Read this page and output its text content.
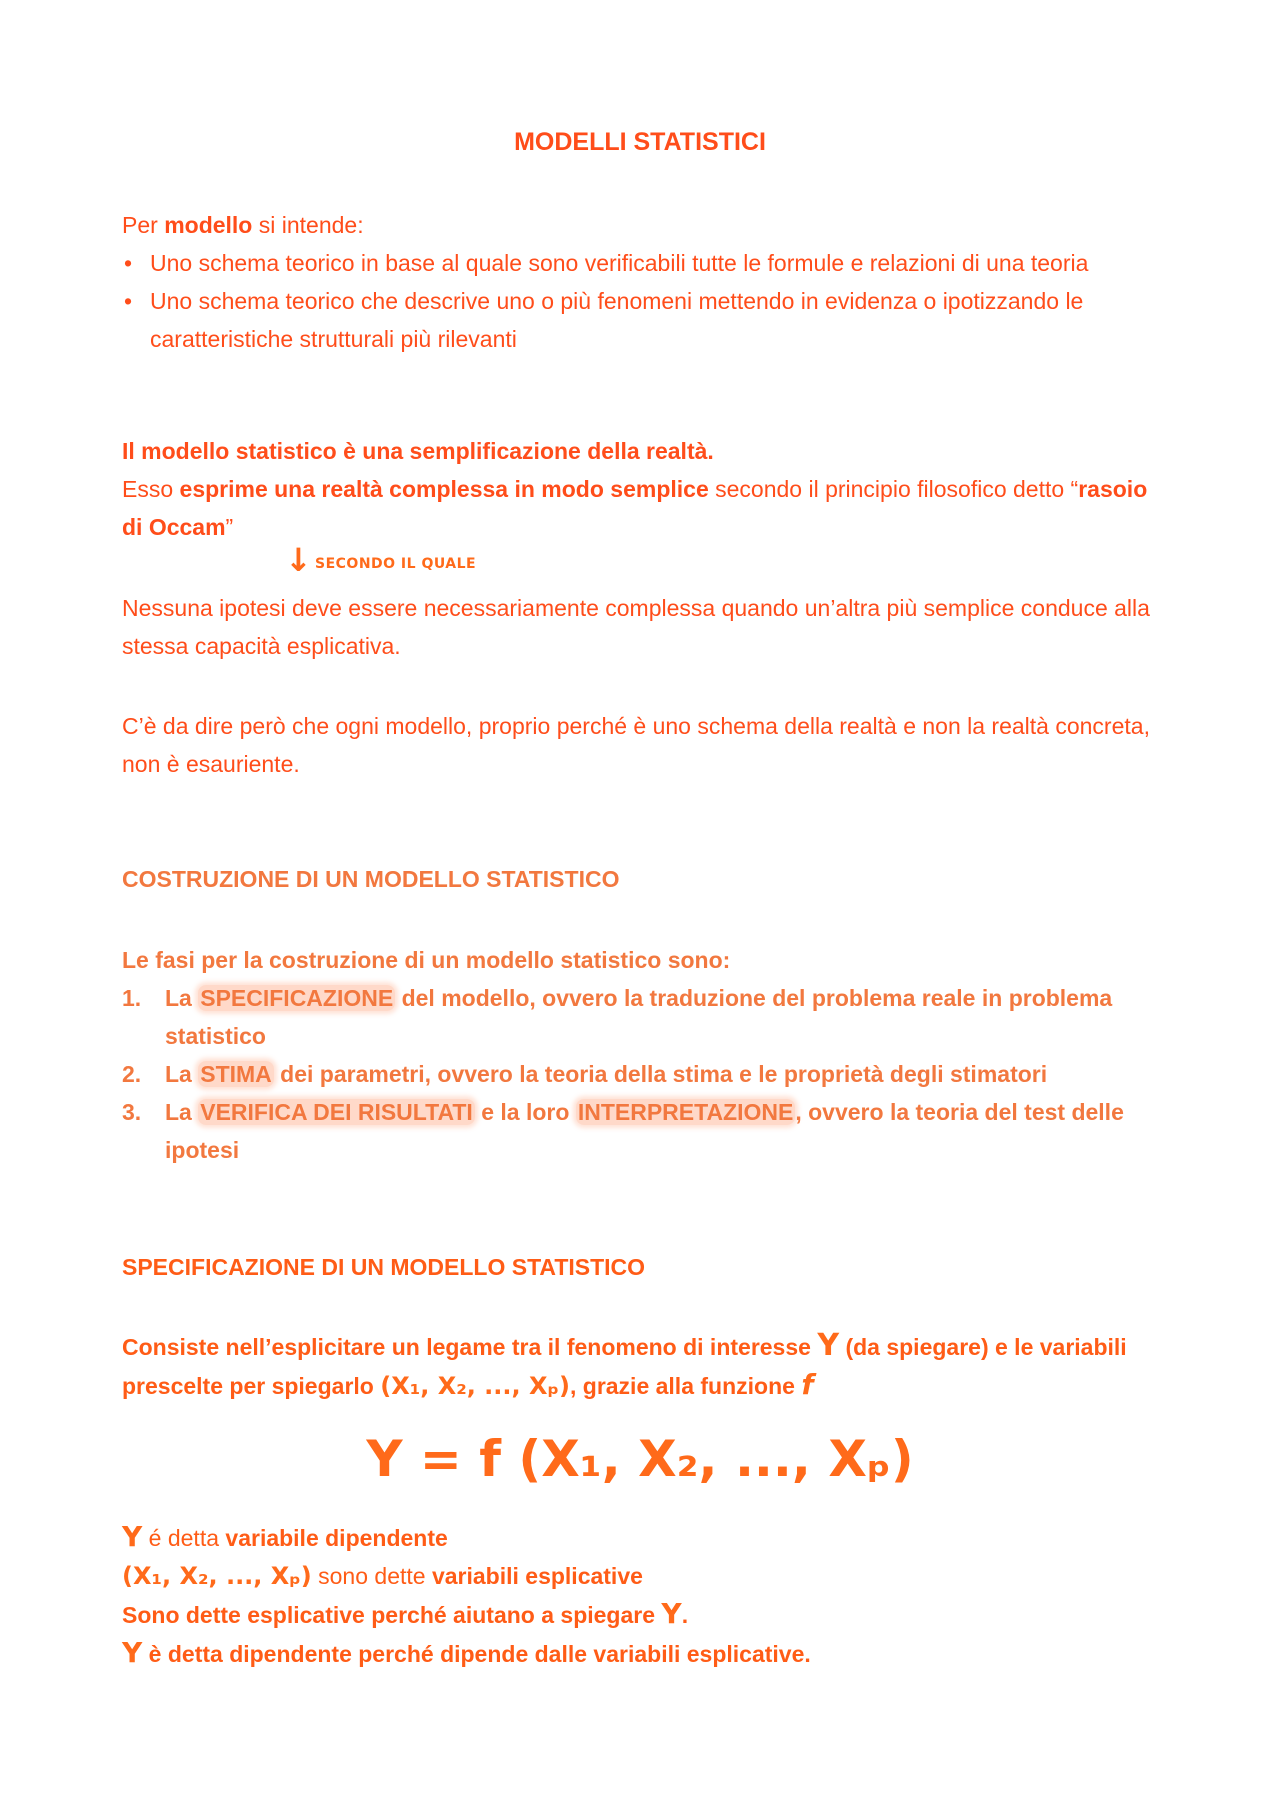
MODELLI STATISTICI
Per modello si intende:
• Uno schema teorico in base al quale sono verificabili tutte le formule e relazioni di una teoria
• Uno schema teorico che descrive uno o più fenomeni mettendo in evidenza o ipotizzando le caratteristiche strutturali più rilevanti
Il modello statistico è una semplificazione della realtà.
Esso esprime una realtà complessa in modo semplice secondo il principio filosofico detto “rasoio di Occam”
↓ SECONDO IL QUALE
Nessuna ipotesi deve essere necessariamente complessa quando un’altra più semplice conduce alla stessa capacità esplicativa.
C’è da dire però che ogni modello, proprio perché è uno schema della realtà e non la realtà concreta, non è esauriente.
COSTRUZIONE DI UN MODELLO STATISTICO
Le fasi per la costruzione di un modello statistico sono:
1. La SPECIFICAZIONE del modello, ovvero la traduzione del problema reale in problema statistico
2. La STIMA dei parametri, ovvero la teoria della stima e le proprietà degli stimatori
3. La VERIFICA DEI RISULTATI e la loro INTERPRETAZIONE, ovvero la teoria del test delle ipotesi
SPECIFICAZIONE DI UN MODELLO STATISTICO
Consiste nell’esplicitare un legame tra il fenomeno di interesse Y (da spiegare) e le variabili prescelte per spiegarlo (X₁, X₂, ..., Xₚ), grazie alla funzione f
Y = f (X₁, X₂, ..., Xₚ)
Y é detta variabile dipendente
(X₁, X₂, ..., Xₚ) sono dette variabili esplicative
Sono dette esplicative perché aiutano a spiegare Y.
Y è detta dipendente perché dipende dalle variabili esplicative.
